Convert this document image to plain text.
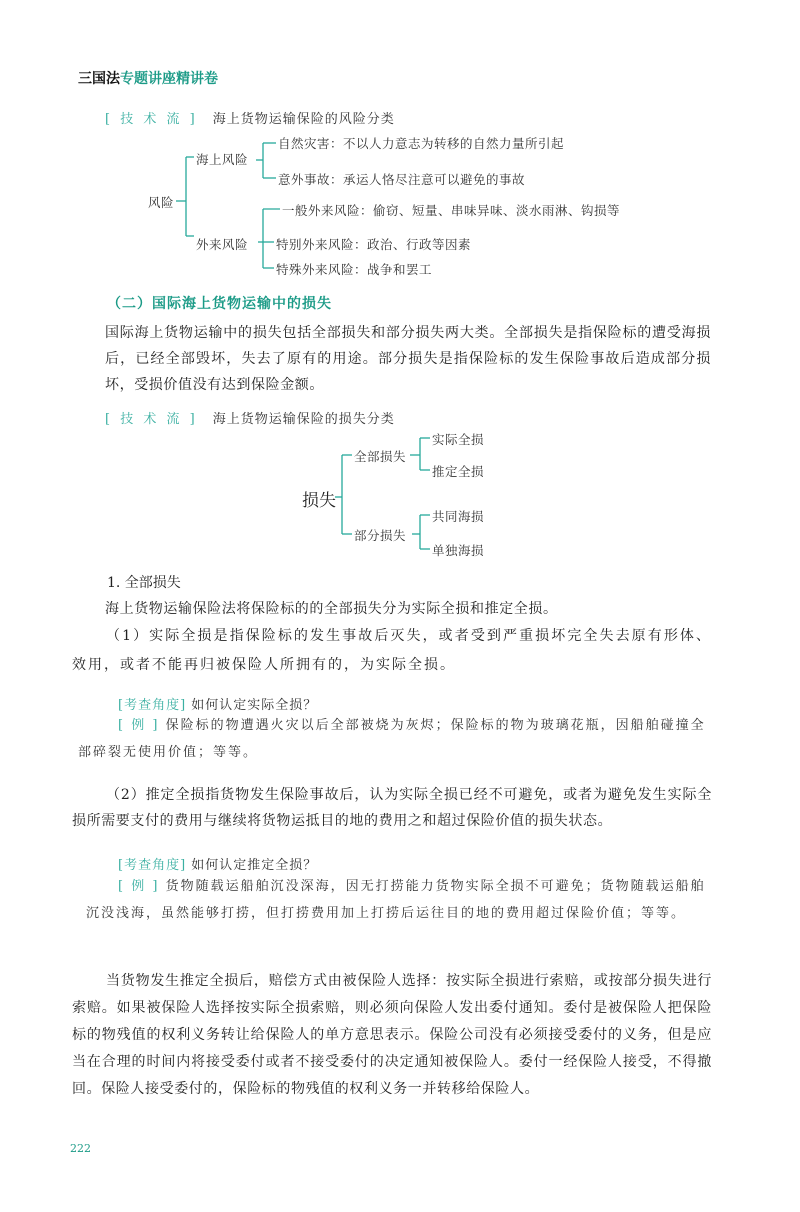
三国法专题讲座精讲卷
[ 技 术 流 ] 海上货物运输保险的风险分类
风险
海上风险
自然灾害：不以人力意志为转移的自然力量所引起
意外事故：承运人恪尽注意可以避免的事故
外来风险
一般外来风险：偷窃、短量、串味异味、淡水雨淋、钩损等
特别外来风险：政治、行政等因素
特殊外来风险：战争和罢工
（二）国际海上货物运输中的损失

国际海上货物运输中的损失包括全部损失和部分损失两大类。全部损失是指保险标的遭受海损后，已经全部毁坏，失去了原有的用途。部分损失是指保险标的发生保险事故后造成部分损坏，受损价值没有达到保险金额。

[ 技 术 流 ] 海上货物运输保险的损失分类
损失
全部损失
实际全损
推定全损
部分损失
共同海损
单独海损
1. 全部损失

海上货物运输保险法将保险标的的全部损失分为实际全损和推定全损。

（1）实际全损是指保险标的发生事故后灭失，或者受到严重损坏完全失去原有形体、效用，或者不能再归被保险人所拥有的，为实际全损。

[考查角度] 如何认定实际全损？
[ 例 ] 保险标的物遭遇火灾以后全部被烧为灰烬；保险标的物为玻璃花瓶，因船舶碰撞全部碎裂无使用价值；等等。

（2）推定全损指货物发生保险事故后，认为实际全损已经不可避免，或者为避免发生实际全损所需要支付的费用与继续将货物运抵目的地的费用之和超过保险价值的损失状态。

[考查角度] 如何认定推定全损？
[ 例 ] 货物随载运船舶沉没深海，因无打捞能力货物实际全损不可避免；货物随载运船舶沉没浅海，虽然能够打捞，但打捞费用加上打捞后运往目的地的费用超过保险价值；等等。

当货物发生推定全损后，赔偿方式由被保险人选择：按实际全损进行索赔，或按部分损失进行索赔。如果被保险人选择按实际全损索赔，则必须向保险人发出委付通知。委付是被保险人把保险标的物残值的权利义务转让给保险人的单方意思表示。保险公司没有必须接受委付的义务，但是应当在合理的时间内将接受委付或者不接受委付的决定通知被保险人。委付一经保险人接受，不得撤回。保险人接受委付的，保险标的物残值的权利义务一并转移给保险人。

222
